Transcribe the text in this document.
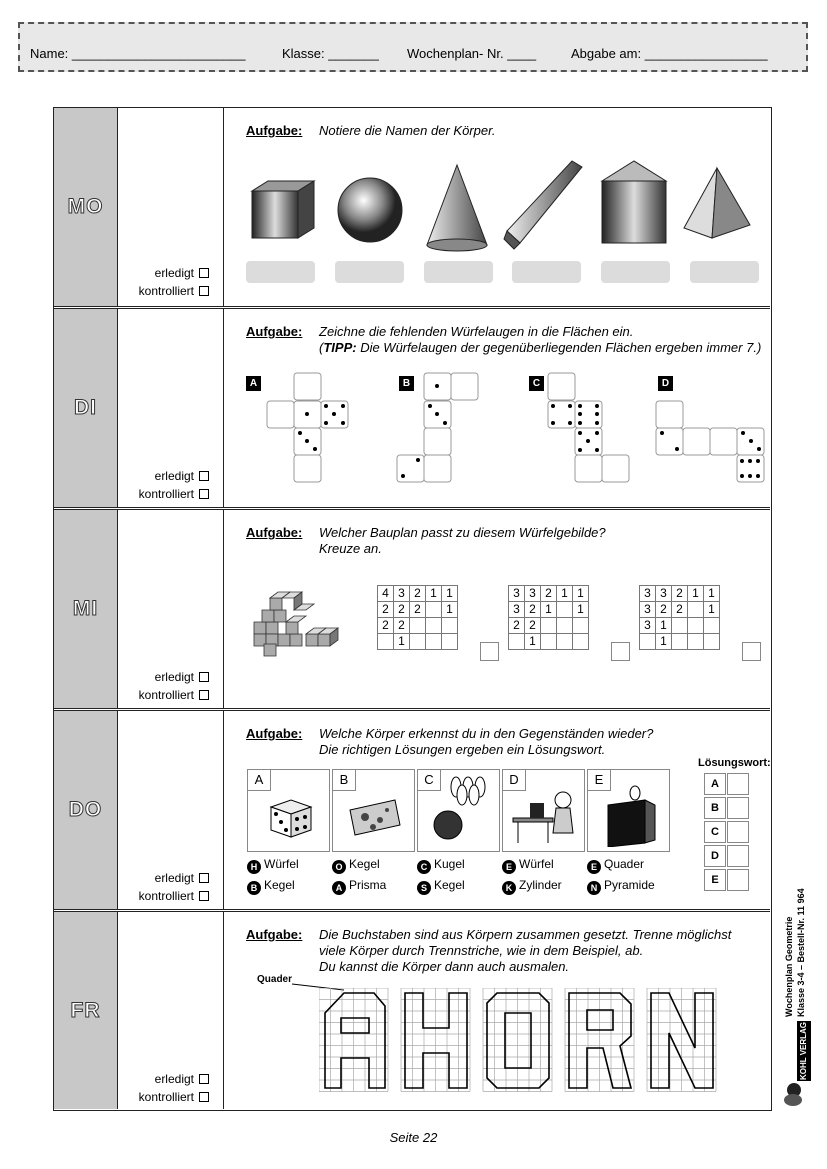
Name: ________________________	Klasse: _______ Wochenplan- Nr. ____	Abgabe am: _________________
MO
erledigt
kontrolliert
Aufgabe: Notiere die Namen der Körper.
DI
erledigt
kontrolliert
Aufgabe: Zeichne die fehlenden Würfelaugen in die Flächen ein.
(TIPP: Die Würfelaugen der gegenüberliegenden Flächen ergeben immer 7.)
A	B	C	D
MI
erledigt
kontrolliert
Aufgabe: Welcher Bauplan passt zu diesem Würfelgebilde?
Kreuze an.
4	3	2	1	1
2	2	2		1
2	2			
	1			
3	3	2	1	1
3	2	1		1
2	2			
	1			
3	3	2	1	1
3	2	2		1
3	1			
	1			
DO
erledigt
kontrolliert
Aufgabe: Welche Körper erkennst du in den Gegenständen wieder?
Die richtigen Lösungen ergeben ein Lösungswort.
A	B	C	D	E
H Würfel
B Kegel
O Kegel
A Prisma
C Kugel
S Kegel
E Würfel
K Zylinder
E Quader
N Pyramide
Lösungswort:
A
B
C
D
E
FR
erledigt
kontrolliert
Aufgabe: Die Buchstaben sind aus Körpern zusammen gesetzt. Trenne möglichst
viele Körper durch Trennstriche, wie in dem Beispiel, ab.
Du kannst die Körper dann auch ausmalen.
Quader	Wochenplan Geometrie Klasse 3-4 – Bestell-Nr. 11 964
KOHL VERLAG
Seite 22
